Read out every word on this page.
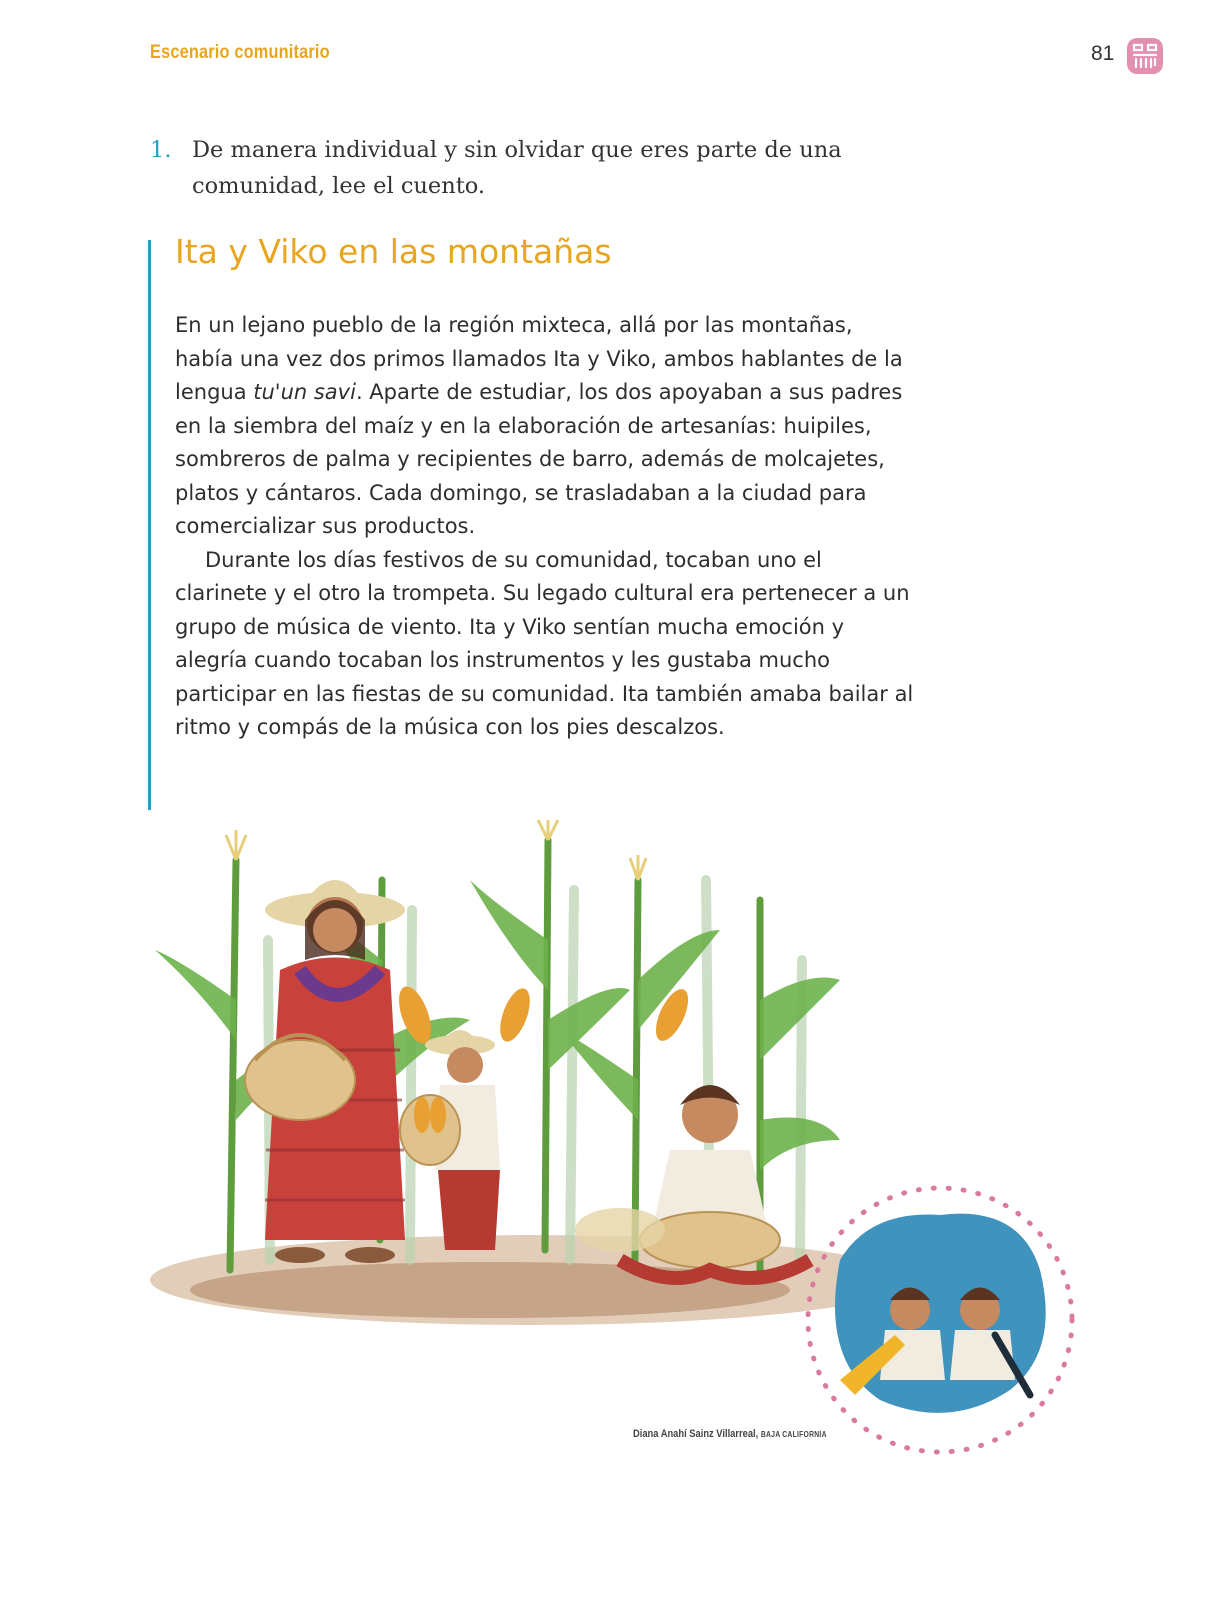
Escenario comunitario	81
1. De manera individual y sin olvidar que eres parte de una comunidad, lee el cuento.
Ita y Viko en las montañas

En un lejano pueblo de la región mixteca, allá por las montañas, había una vez dos primos llamados Ita y Viko, ambos hablantes de la lengua tu'un savi. Aparte de estudiar, los dos apoyaban a sus padres en la siembra del maíz y en la elaboración de artesanías: huipiles, sombreros de palma y recipientes de barro, además de molcajetes, platos y cántaros. Cada domingo, se trasladaban a la ciudad para comercializar sus productos.

Durante los días festivos de su comunidad, tocaban uno el clarinete y el otro la trompeta. Su legado cultural era pertenecer a un grupo de música de viento. Ita y Viko sentían mucha emoción y alegría cuando tocaban los instrumentos y les gustaba mucho participar en las fiestas de su comunidad. Ita también amaba bailar al ritmo y compás de la música con los pies descalzos.

Diana Anahí Sainz Villarreal, BAJA CALIFORNIA
